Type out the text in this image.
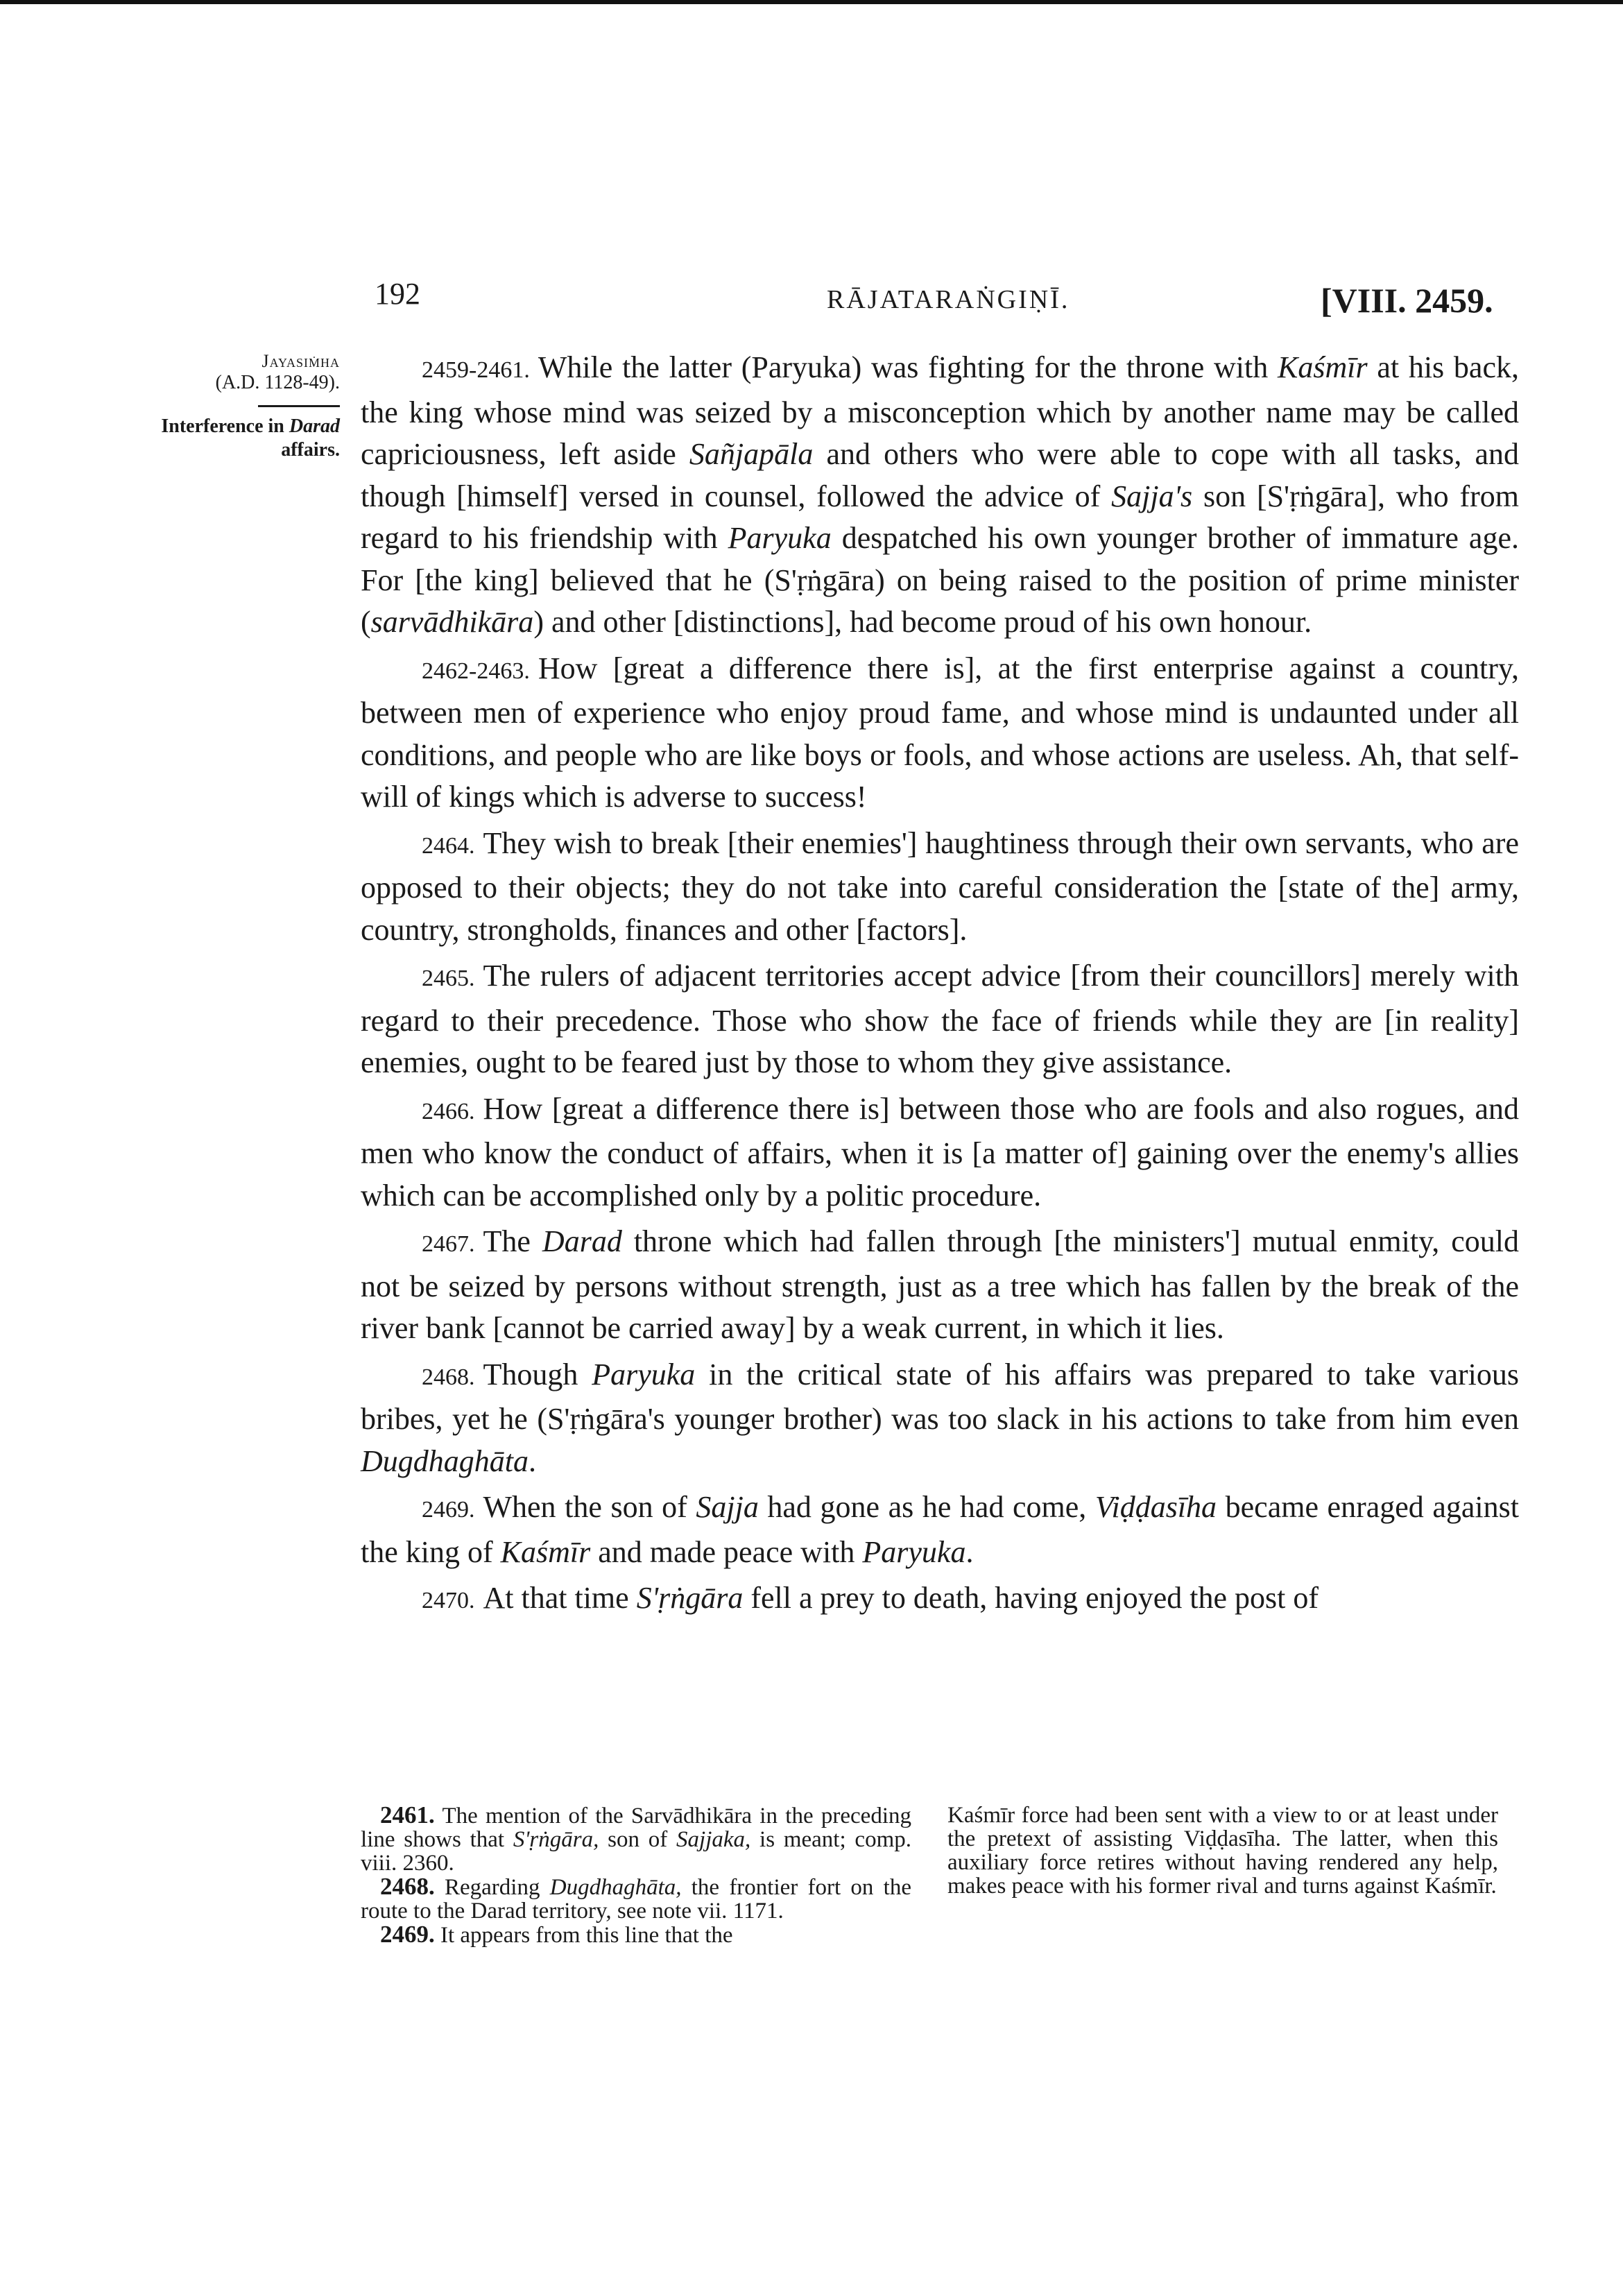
192	RĀJATARAṄGIṆĪ.	[VIII. 2459.
Jayasiṁha
(A.D. 1128-49).
Interference in Darad
affairs.

2459-2461. While the latter (Paryuka) was fighting for the throne with Kaśmīr at his back, the king whose mind was seized by a misconception which by another name may be called capriciousness, left aside Sañjapāla and others who were able to cope with all tasks, and though [himself] versed in counsel, followed the advice of Sajja's son [S'ṛṅgāra], who from regard to his friendship with Paryuka despatched his own younger brother of immature age. For [the king] believed that he (S'ṛṅgāra) on being raised to the position of prime minister (sarvādhikāra) and other [distinctions], had become proud of his own honour.

2462-2463. How [great a difference there is], at the first enterprise against a country, between men of experience who enjoy proud fame, and whose mind is undaunted under all conditions, and people who are like boys or fools, and whose actions are useless. Ah, that self-will of kings which is adverse to success!

2464. They wish to break [their enemies'] haughtiness through their own servants, who are opposed to their objects; they do not take into careful consideration the [state of the] army, country, strongholds, finances and other [factors].

2465. The rulers of adjacent territories accept advice [from their councillors] merely with regard to their precedence. Those who show the face of friends while they are [in reality] enemies, ought to be feared just by those to whom they give assistance.

2466. How [great a difference there is] between those who are fools and also rogues, and men who know the conduct of affairs, when it is [a matter of] gaining over the enemy's allies which can be accomplished only by a politic procedure.

2467. The Darad throne which had fallen through [the ministers'] mutual enmity, could not be seized by persons without strength, just as a tree which has fallen by the break of the river bank [cannot be carried away] by a weak current, in which it lies.

2468. Though Paryuka in the critical state of his affairs was prepared to take various bribes, yet he (S'ṛṅgāra's younger brother) was too slack in his actions to take from him even Dugdhaghāta.

2469. When the son of Sajja had gone as he had come, Viḍḍasīha became enraged against the king of Kaśmīr and made peace with Paryuka.

2470. At that time S'ṛṅgāra fell a prey to death, having enjoyed the post of

2461. The mention of the Sarvādhikāra in the preceding line shows that S'ṛṅgāra, son of Sajjaka, is meant; comp. viii. 2360.

2468. Regarding Dugdhaghāta, the frontier fort on the route to the Darad territory, see note vii. 1171.

2469. It appears from this line that the

Kaśmīr force had been sent with a view to or at least under the pretext of assisting Viḍḍasīha. The latter, when this auxiliary force retires without having rendered any help, makes peace with his former rival and turns against Kaśmīr.
